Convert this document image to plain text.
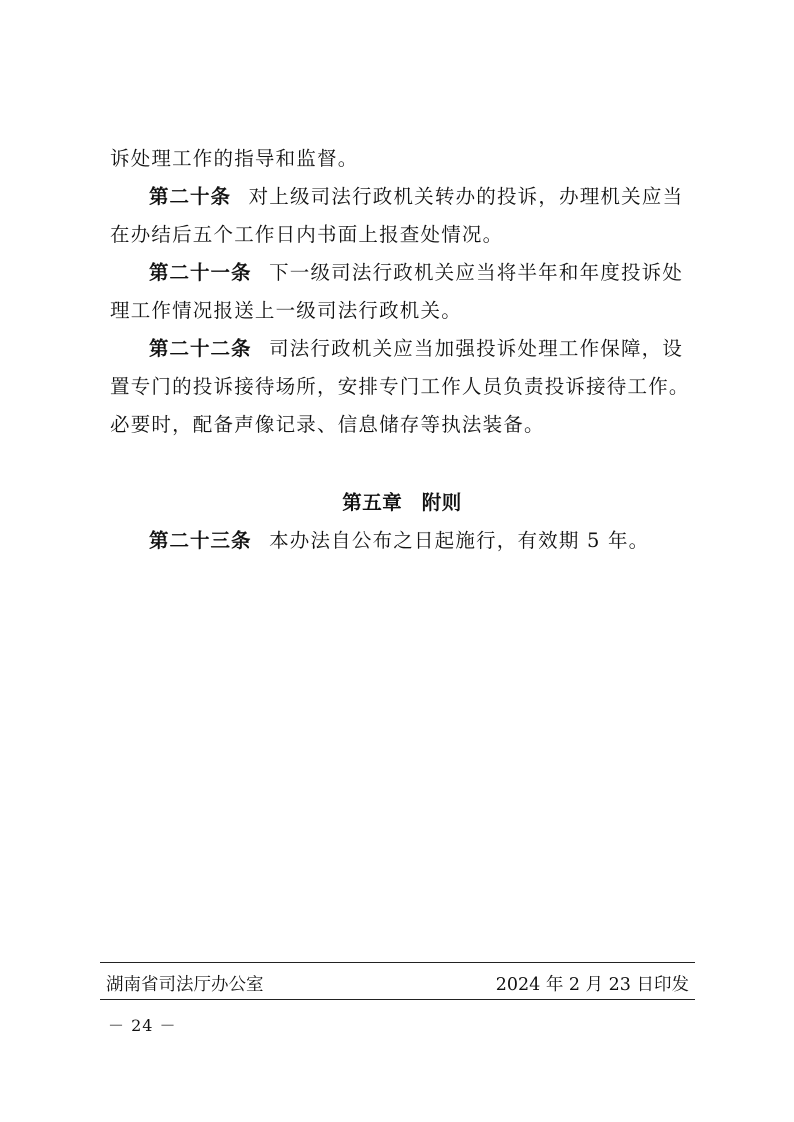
诉处理工作的指导和监督。

第二十条 对上级司法行政机关转办的投诉，办理机关应当在办结后五个工作日内书面上报查处情况。

第二十一条 下一级司法行政机关应当将半年和年度投诉处理工作情况报送上一级司法行政机关。

第二十二条 司法行政机关应当加强投诉处理工作保障，设置专门的投诉接待场所，安排专门工作人员负责投诉接待工作。必要时，配备声像记录、信息储存等执法装备。

第五章 附则

第二十三条 本办法自公布之日起施行，有效期 5 年。

湖南省司法厅办公室	2024 年 2 月 23 日印发
－ 24 －
